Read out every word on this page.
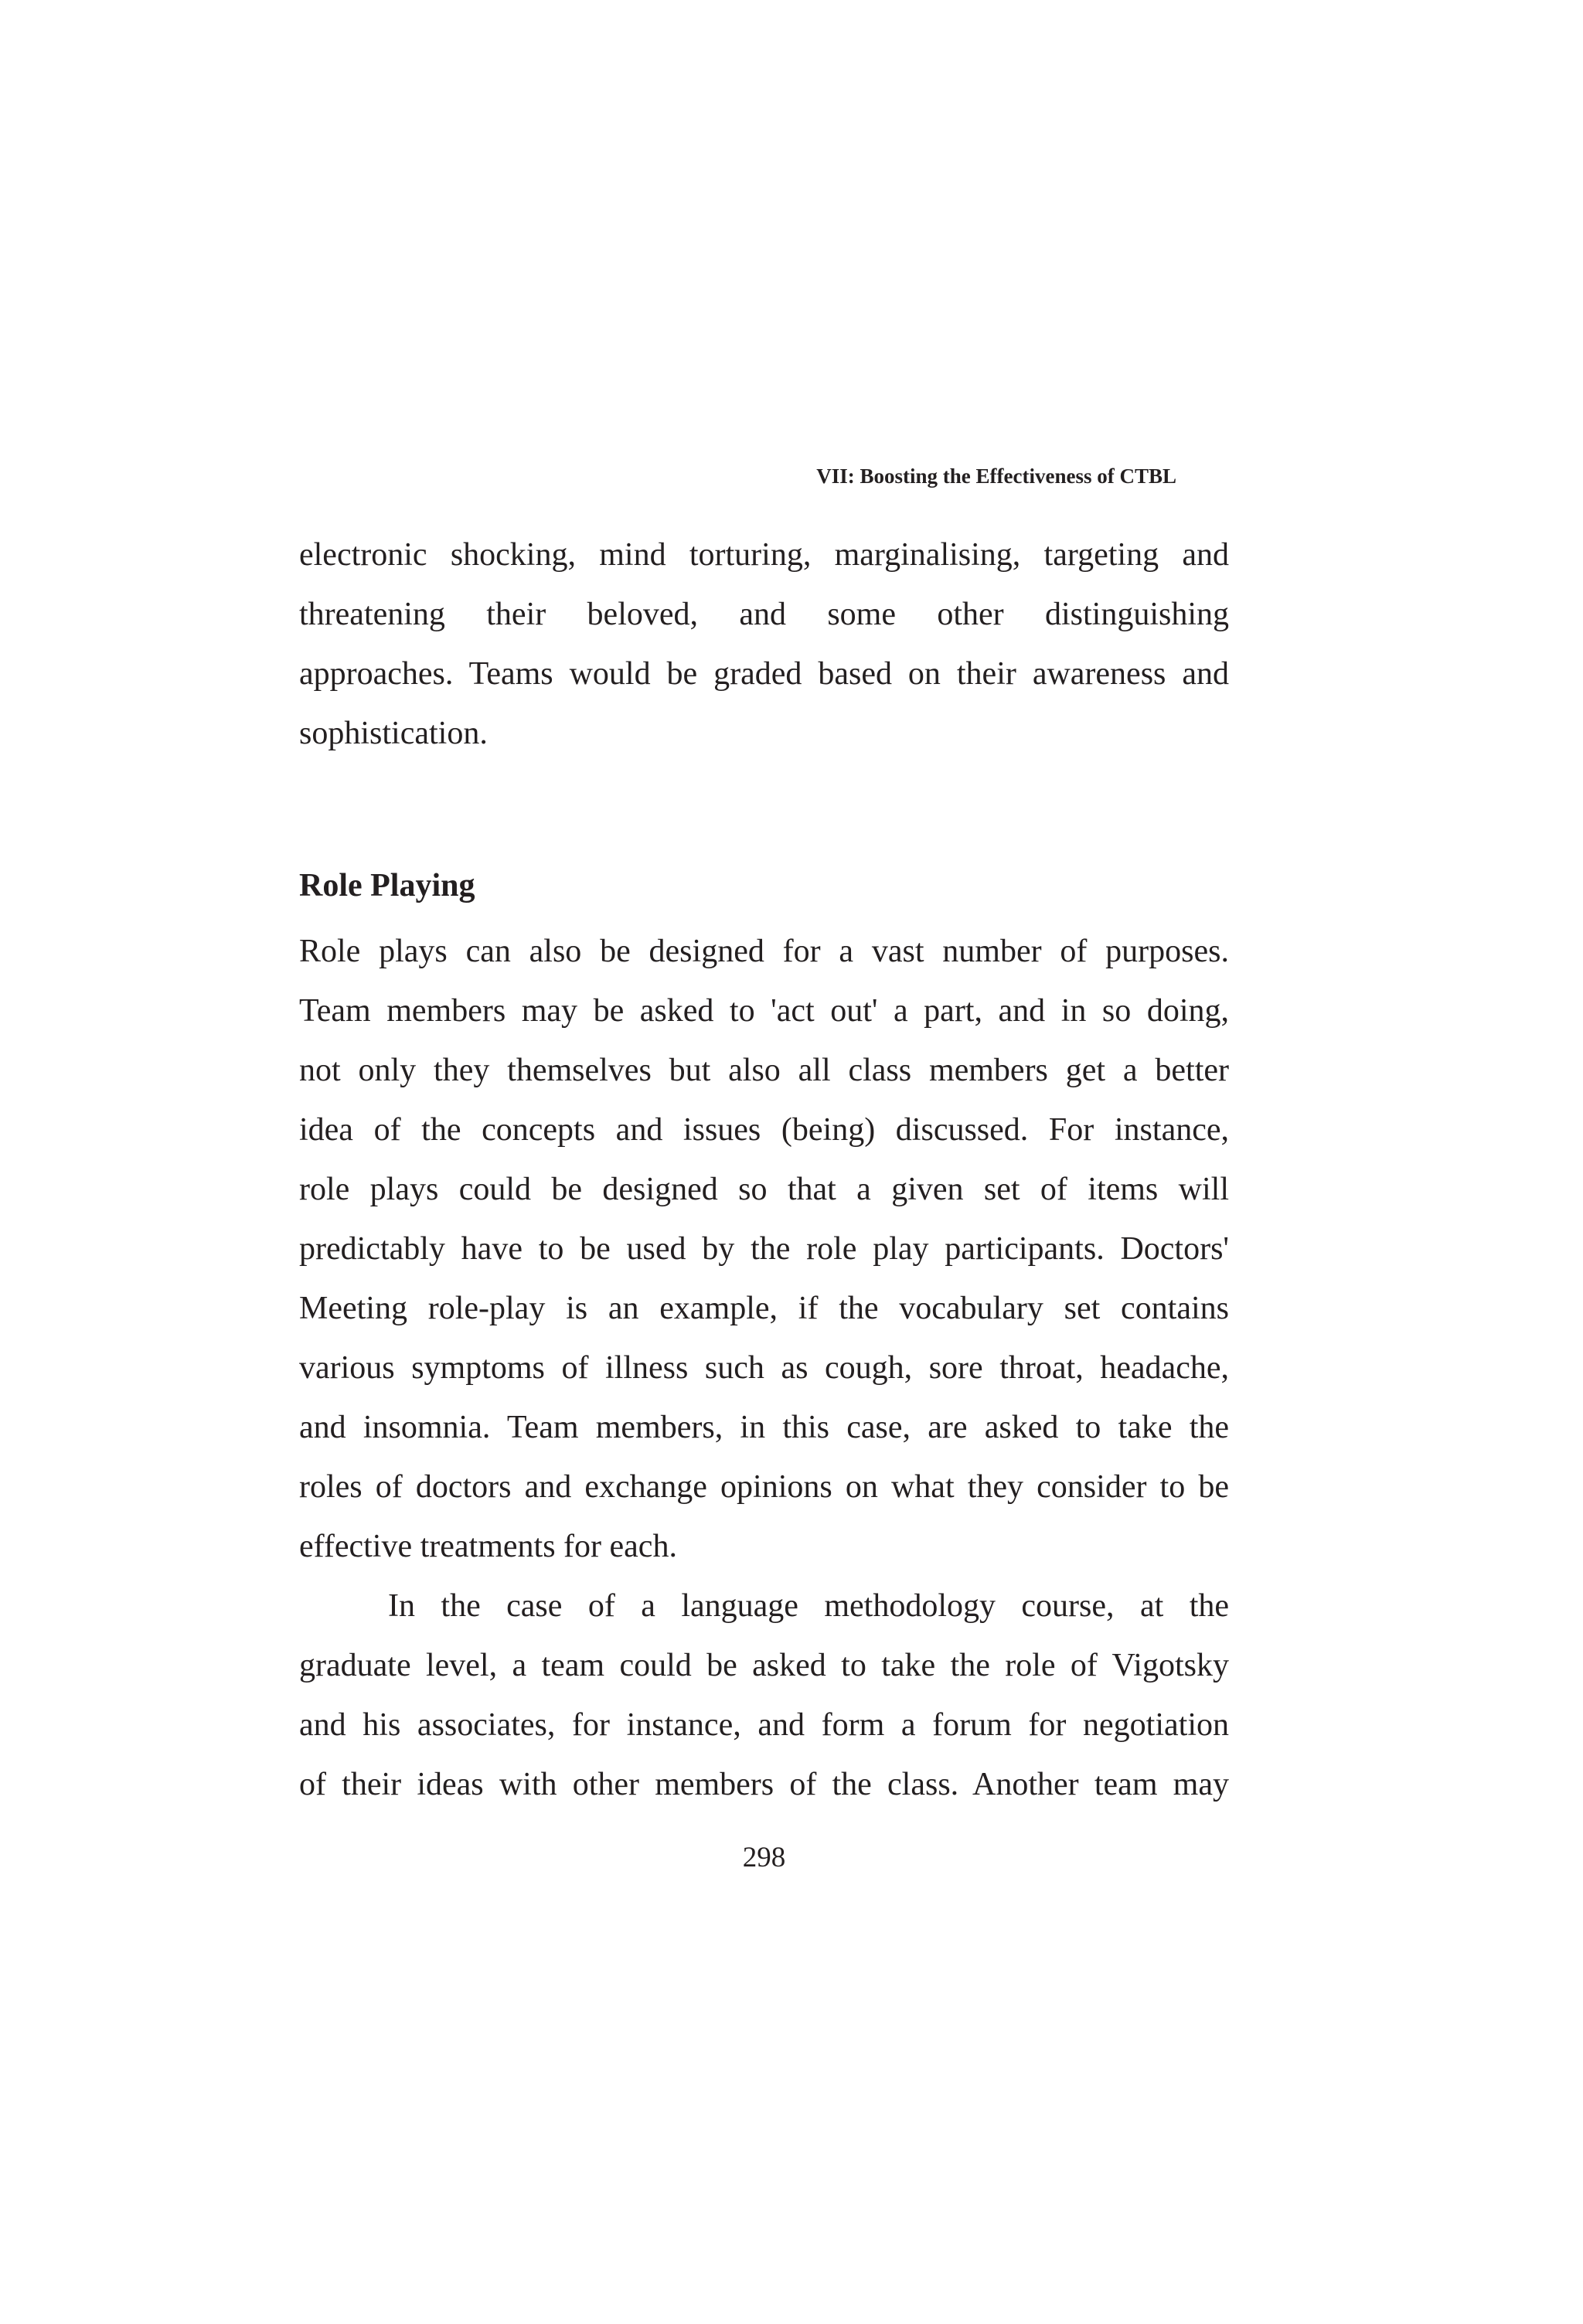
VII: Boosting the Effectiveness of CTBL
electronic shocking, mind torturing, marginalising, targeting and
threatening their beloved, and some other distinguishing
approaches. Teams would be graded based on their awareness and
sophistication.
Role Playing
Role plays can also be designed for a vast number of purposes.
Team members may be asked to 'act out' a part, and in so doing,
not only they themselves but also all class members get a better
idea of the concepts and issues (being) discussed. For instance,
role plays could be designed so that a given set of items will
predictably have to be used by the role play participants. Doctors'
Meeting role-play is an example, if the vocabulary set contains
various symptoms of illness such as cough, sore throat, headache,
and insomnia. Team members, in this case, are asked to take the
roles of doctors and exchange opinions on what they consider to be
effective treatments for each.
In the case of a language methodology course, at the
graduate level, a team could be asked to take the role of Vigotsky
and his associates, for instance, and form a forum for negotiation
of their ideas with other members of the class. Another team may
298
